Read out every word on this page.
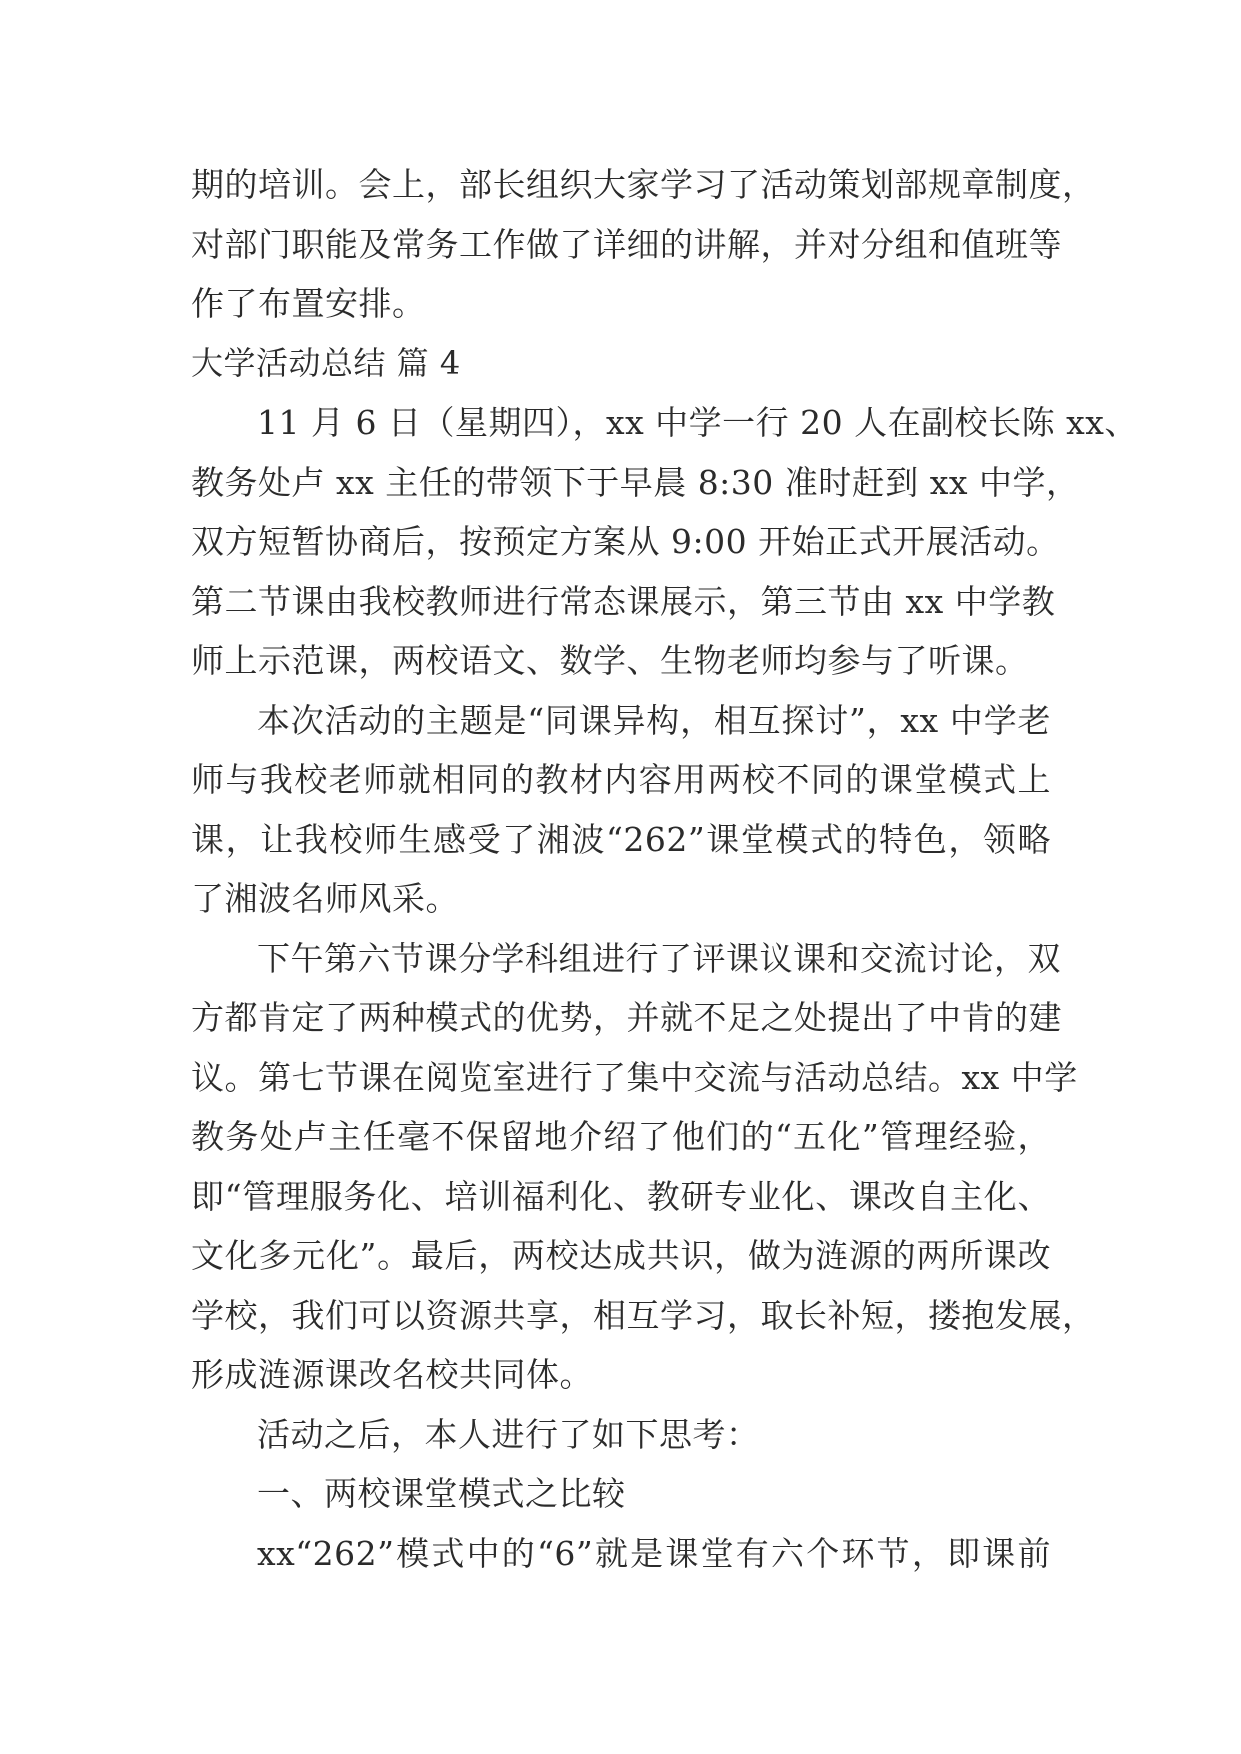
期的培训。会上，部长组织大家学习了活动策划部规章制度，
对部门职能及常务工作做了详细的讲解，并对分组和值班等
作了布置安排。
大学活动总结 篇 4
11 月 6 日（星期四），xx 中学一行 20 人在副校长陈 xx、
教务处卢 xx 主任的带领下于早晨 8:30 准时赶到 xx 中学，
双方短暂协商后，按预定方案从 9:00 开始正式开展活动。
第二节课由我校教师进行常态课展示，第三节由 xx 中学教
师上示范课，两校语文、数学、生物老师均参与了听课。
本次活动的主题是“同课异构，相互探讨”，xx 中学老
师与我校老师就相同的教材内容用两校不同的课堂模式上
课，让我校师生感受了湘波“262”课堂模式的特色，领略
了湘波名师风采。
下午第六节课分学科组进行了评课议课和交流讨论，双
方都肯定了两种模式的优势，并就不足之处提出了中肯的建
议。第七节课在阅览室进行了集中交流与活动总结。xx 中学
教务处卢主任毫不保留地介绍了他们的“五化”管理经验，
即“管理服务化、培训福利化、教研专业化、课改自主化、
文化多元化”。最后，两校达成共识，做为涟源的两所课改
学校，我们可以资源共享，相互学习，取长补短，搂抱发展，
形成涟源课改名校共同体。
活动之后，本人进行了如下思考：
一、两校课堂模式之比较
xx“262”模式中的“6”就是课堂有六个环节，即课前
